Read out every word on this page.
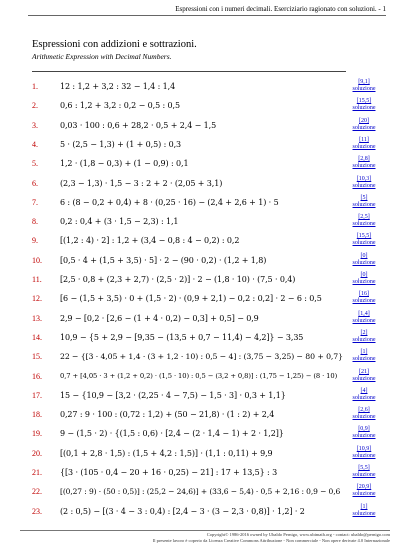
Espressioni con i numeri decimali. Eserciziario ragionato con soluzioni. - 1
Espressioni con addizioni e sottrazioni.
Arithmetic Expression with Decimal Numbers.
1.	12 : 1,2 + 3,2 : 32 − 1,4 : 1,4	[9,1]
soluzione
2.	0,6 : 1,2 + 3,2 : 0,2 − 0,5 : 0,5	[15,5]
soluzione
3.	0,03 · 100 : 0,6 + 28,2 · 0,5 + 2,4 − 1,5	[20]
soluzione
4.	5 · (2,5 − 1,3) + (1 + 0,5) : 0,3	[11]
soluzione
5.	1,2 · (1,8 − 0,3) + (1 − 0,9) : 0,1	[2,8]
soluzione
6.	(2,3 − 1,3) · 1,5 − 3 : 2 + 2 · (2,05 + 3,1)	[10,3]
soluzione
7.	6 : (8 − 0,2 + 0,4) + 8 · (0,25 · 16) − (2,4 + 2,6 + 1) · 5	[5]
soluzione
8.	0,2 : 0,4 + (3 · 1,5 − 2,3) : 1,1	[2,5]
soluzione
9.	[(1,2 : 4) · 2] : 1,2 + (3,4 − 0,8 : 4 − 0,2) : 0,2	[15,5]
soluzione
10. [0,5 · 4 + (1,5 + 3,5) · 5] · 2 − (90 · 0,2) · (1,2 + 1,8)	[0]
soluzione
11. [2,5 · 0,8 + (2,3 + 2,7) · (2,5 · 2)] · 2 − (1,8 · 10) · (7,5 · 0,4)	[0]
soluzione
12. [6 − (1,5 + 3,5) · 0 + (1,5 · 2) · (0,9 + 2,1) − 0,2 : 0,2] · 2 − 6 : 0,5	[16]
soluzione
13. 2,9 − [0,2 · [2,6 − (1 + 4 · 0,2) − 0,3] + 0,5] − 0,9	[1,4]
soluzione
14. 10,9 − {5 + 2,9 − [9,35 − (13,5 + 0,7 − 11,4) − 4,2]} − 3,35	[2]
soluzione
15. 22 − {[3 · 4,05 + 1,4 · (3 + 1,2 · 10) : 0,5 − 4] : (3,75 − 3,25) − 80 + 0,7}	[1]
soluzione
16.	0,7 + [4,05 · 3 + (1,2 + 0,2) · (1,5 · 10) : 0,5 − (3,2 + 0,8)] : (1,75 − 1,25) − (8 · 10)	[21]
soluzione
17. 15 − {10,9 − [3,2 · (2,25 · 4 − 7,5) − 1,5 · 3] · 0,3 + 1,1}	[4]
soluzione
18. 0,27 : 9 · 100 : (0,72 : 1,2) + (50 − 21,8) · (1 : 2) + 2,4	[2,6]
soluzione
19. 9 − (1,5 · 2) · {(1,5 : 0,6) · [2,4 − (2 · 1,4 − 1) + 2 · 1,2]}	[0,9]
soluzione
20. [(0,1 + 2,8 · 1,5) : (1,5 + 4,2 : 1,5)] · (1,1 : 0,11) + 9,9	[10,9]
soluzione
21. {[3 · (105 · 0,4 − 20 + 16 · 0,25) − 21] : 17 + 13,5} : 3	[5,5]
soluzione
22. [(0,27 : 9) · (50 : 0,5)] : (25,2 − 24,6)] + (33,6 − 5,4) · 0,5 + 2,16 : 0,9 − 0,6	[20,9]
soluzione
23. (2 : 0,5) − [(3 · 4 − 3 : 0,4) : [2,4 − 3 · (3 − 2,3 · 0,8)] · 1,2] · 2	[1]
soluzione
Copyright© 1986-2016 owned by Ubaldo Pernigo, www.ubimath.org - contact: ubaldo@pernigo.com
Il presente lavoro è coperto da Licenza Creative Commons Attribuzione - Non commerciale - Non opere derivate 4.0 Internazionale
